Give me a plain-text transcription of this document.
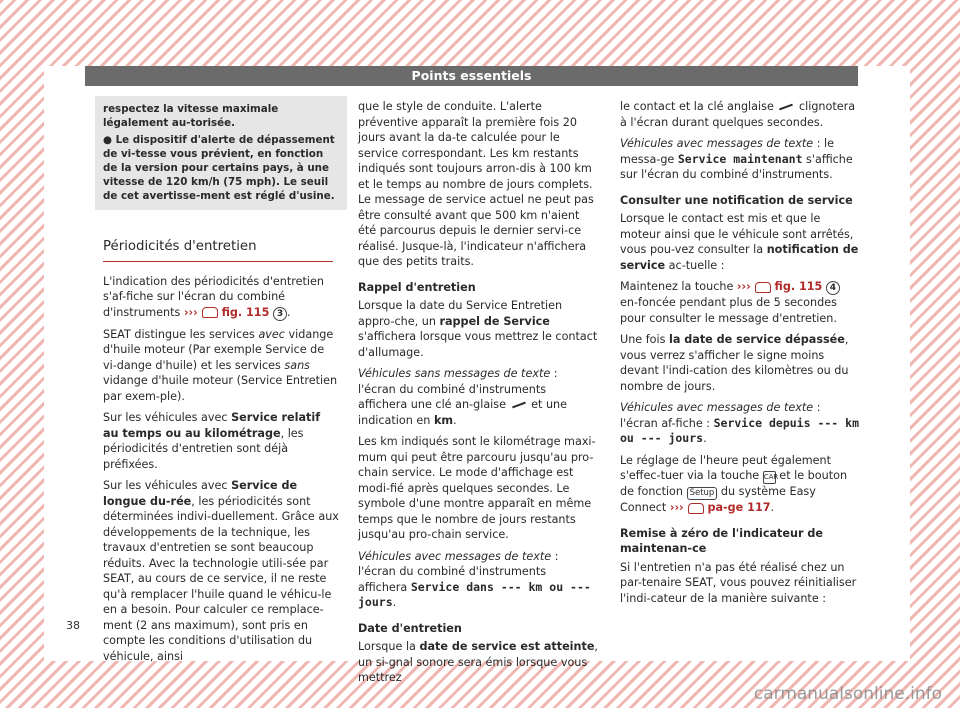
Points essentiels

respectez la vitesse maximale légalement au-torisée.

● Le dispositif d'alerte de dépassement de vi-tesse vous prévient, en fonction de la version pour certains pays, à une vitesse de 120 km/h (75 mph). Le seuil de cet avertisse-ment est réglé d'usine.

Périodicités d'entretien

L'indication des périodicités d'entretien s'af-fiche sur l'écran du combiné d'instruments ›››  fig. 115 3 .

SEAT distingue les services avec vidange d'huile moteur (Par exemple Service de vi-dange d'huile) et les services sans vidange d'huile moteur (Service Entretien par exem-ple).

Sur les véhicules avec Service relatif au temps ou au kilométrage, les périodicités d'entretien sont déjà préfixées.

Sur les véhicules avec Service de longue du-rée, les périodicités sont déterminées indivi-duellement. Grâce aux développements de la technique, les travaux d'entretien se sont beaucoup réduits. Avec la technologie utili-sée par SEAT, au cours de ce service, il ne reste qu'à remplacer l'huile quand le véhicu-le en a besoin. Pour calculer ce remplace-ment (2 ans maximum), sont pris en compte les conditions d'utilisation du véhicule, ainsi

que le style de conduite. L'alerte préventive apparaît la première fois 20 jours avant la da-te calculée pour le service correspondant. Les km restants indiqués sont toujours arron-dis à 100 km et le temps au nombre de jours complets. Le message de service actuel ne peut pas être consulté avant que 500 km n'aient été parcourus depuis le dernier servi-ce réalisé. Jusque-là, l'indicateur n'affichera que des petits traits.

Rappel d'entretien

Lorsque la date du Service Entretien appro-che, un rappel de Service s'affichera lorsque vous mettrez le contact d'allumage.

Véhicules sans messages de texte : l'écran du combiné d'instruments affichera une clé an-glaise  et une indication en km.

Les km indiqués sont le kilométrage maxi-mum qui peut être parcouru jusqu'au pro-chain service. Le mode d'affichage est modi-fié après quelques secondes. Le symbole d'une montre apparaît en même temps que le nombre de jours restants jusqu'au pro-chain service.

Véhicules avec messages de texte : l'écran du combiné d'instruments affichera Service dans --- km ou --- jours.

Date d'entretien

Lorsque la date de service est atteinte, un si-gnal sonore sera émis lorsque vous mettrez

le contact et la clé anglaise  clignotera à l'écran durant quelques secondes.

Véhicules avec messages de texte : le messa-ge Service maintenant s'affiche sur l'écran du combiné d'instruments.

Consulter une notification de service

Lorsque le contact est mis et que le moteur ainsi que le véhicule sont arrêtés, vous pou-vez consulter la notification de service ac-tuelle :

Maintenez la touche ›››  fig. 115 4 en-foncée pendant plus de 5 secondes pour consulter le message d'entretien.

Une fois la date de service dépassée, vous verrez s'afficher le signe moins devant l'indi-cation des kilomètres ou du nombre de jours.

Véhicules avec messages de texte : l'écran af-fiche : Service depuis --- km ou --- jours.

Le réglage de l'heure peut également s'effec-tuer via la touche CAR et le bouton de fonction Setup du système Easy Connect ›››  pa-ge 117.

Remise à zéro de l'indicateur de maintenan-ce

Si l'entretien n'a pas été réalisé chez un par-tenaire SEAT, vous pouvez réinitialiser l'indi-cateur de la manière suivante :

38
carmanualsonline.info
